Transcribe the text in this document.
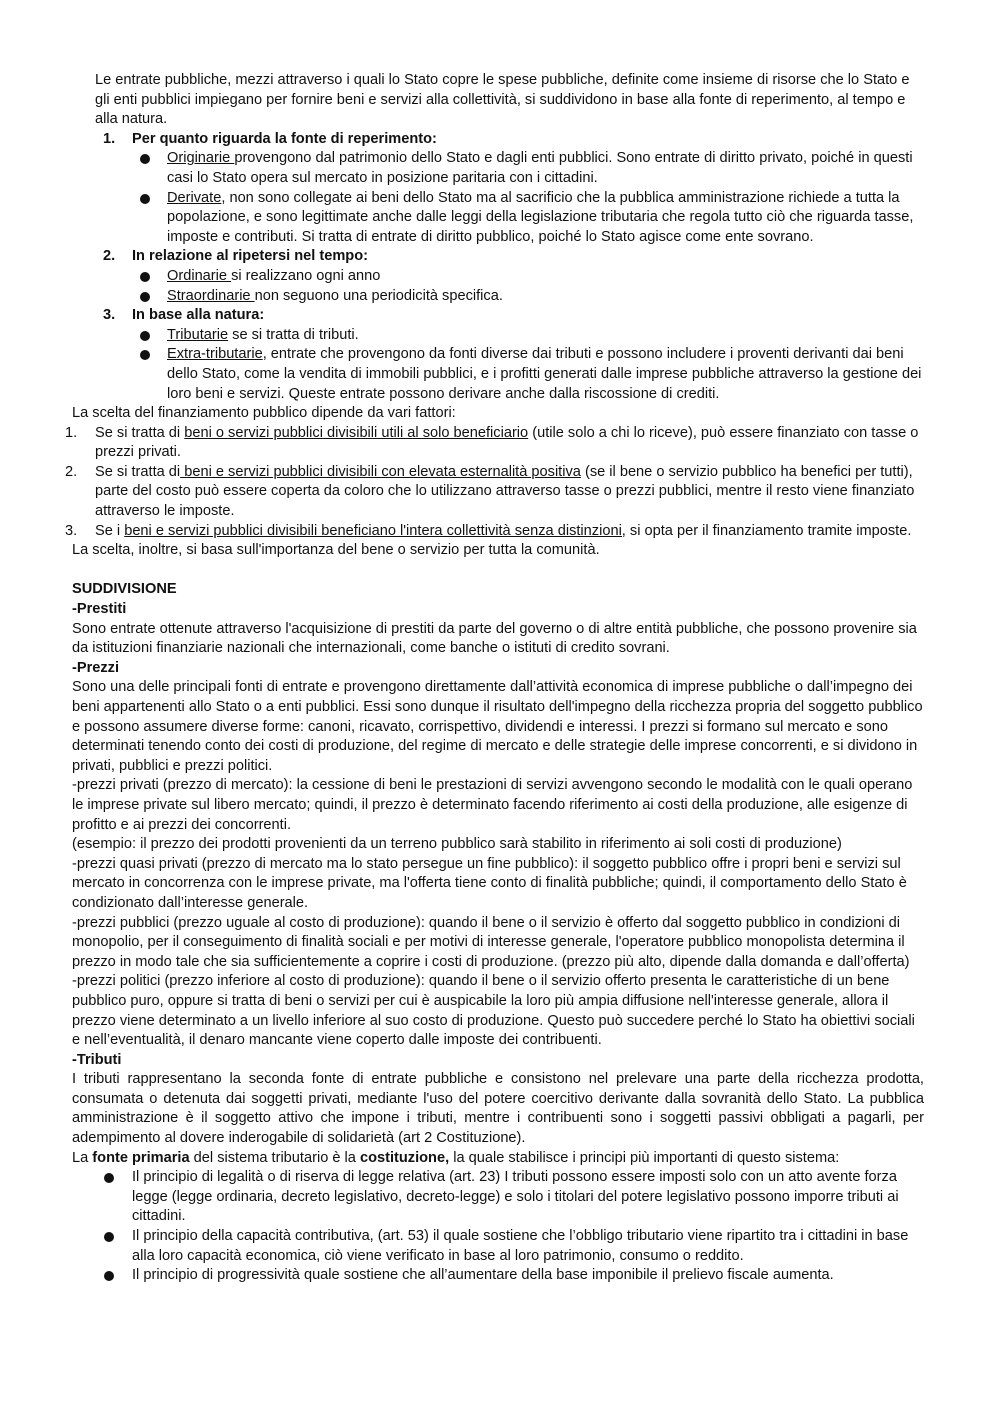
Le entrate pubbliche, mezzi attraverso i quali lo Stato copre le spese pubbliche, definite come insieme di risorse che lo Stato e gli enti pubblici impiegano per fornire beni e servizi alla collettività, si suddividono in base alla fonte di reperimento, al tempo e alla natura.

1. Per quanto riguarda la fonte di reperimento:
Originarie provengono dal patrimonio dello Stato e dagli enti pubblici. Sono entrate di diritto privato, poiché in questi casi lo Stato opera sul mercato in posizione paritaria con i cittadini.
Derivate, non sono collegate ai beni dello Stato ma al sacrificio che la pubblica amministrazione richiede a tutta la popolazione, e sono legittimate anche dalle leggi della legislazione tributaria che regola tutto ciò che riguarda tasse, imposte e contributi. Si tratta di entrate di diritto pubblico, poiché lo Stato agisce come ente sovrano.
2. In relazione al ripetersi nel tempo:
Ordinarie si realizzano ogni anno
Straordinarie non seguono una periodicità specifica.
3. In base alla natura:
Tributarie se si tratta di tributi.
Extra-tributarie, entrate che provengono da fonti diverse dai tributi e possono includere i proventi derivanti dai beni dello Stato, come la vendita di immobili pubblici, e i profitti generati dalle imprese pubbliche attraverso la gestione dei loro beni e servizi. Queste entrate possono derivare anche dalla riscossione di crediti.

La scelta del finanziamento pubblico dipende da vari fattori:

1. Se si tratta di beni o servizi pubblici divisibili utili al solo beneficiario (utile solo a chi lo riceve), può essere finanziato con tasse o prezzi privati.
2. Se si tratta di beni e servizi pubblici divisibili con elevata esternalità positiva (se il bene o servizio pubblico ha benefici per tutti), parte del costo può essere coperta da coloro che lo utilizzano attraverso tasse o prezzi pubblici, mentre il resto viene finanziato attraverso le imposte.
3. Se i beni e servizi pubblici divisibili beneficiano l'intera collettività senza distinzioni, si opta per il finanziamento tramite imposte.

La scelta, inoltre, si basa sull'importanza del bene o servizio per tutta la comunità.

SUDDIVISIONE

-Prestiti

Sono entrate ottenute attraverso l'acquisizione di prestiti da parte del governo o di altre entità pubbliche, che possono provenire sia da istituzioni finanziarie nazionali che internazionali, come banche o istituti di credito sovrani.

-Prezzi

Sono una delle principali fonti di entrate e provengono direttamente dall’attività economica di imprese pubbliche o dall’impegno dei beni appartenenti allo Stato o a enti pubblici. Essi sono dunque il risultato dell'impegno della ricchezza propria del soggetto pubblico e possono assumere diverse forme: canoni, ricavato, corrispettivo, dividendi e interessi. I prezzi si formano sul mercato e sono determinati tenendo conto dei costi di produzione, del regime di mercato e delle strategie delle imprese concorrenti, e si dividono in privati, pubblici e prezzi politici.

-prezzi privati (prezzo di mercato): la cessione di beni le prestazioni di servizi avvengono secondo le modalità con le quali operano le imprese private sul libero mercato; quindi, il prezzo è determinato facendo riferimento ai costi della produzione, alle esigenze di profitto e ai prezzi dei concorrenti.

(esempio: il prezzo dei prodotti provenienti da un terreno pubblico sarà stabilito in riferimento ai soli costi di produzione)

-prezzi quasi privati (prezzo di mercato ma lo stato persegue un fine pubblico): il soggetto pubblico offre i propri beni e servizi sul mercato in concorrenza con le imprese private, ma l'offerta tiene conto di finalità pubbliche; quindi, il comportamento dello Stato è condizionato dall’interesse generale.

-prezzi pubblici (prezzo uguale al costo di produzione): quando il bene o il servizio è offerto dal soggetto pubblico in condizioni di monopolio, per il conseguimento di finalità sociali e per motivi di interesse generale, l'operatore pubblico monopolista determina il prezzo in modo tale che sia sufficientemente a coprire i costi di produzione. (prezzo più alto, dipende dalla domanda e dall’offerta)

-prezzi politici (prezzo inferiore al costo di produzione): quando il bene o il servizio offerto presenta le caratteristiche di un bene pubblico puro, oppure si tratta di beni o servizi per cui è auspicabile la loro più ampia diffusione nell'interesse generale, allora il prezzo viene determinato a un livello inferiore al suo costo di produzione. Questo può succedere perché lo Stato ha obiettivi sociali e nell’eventualità, il denaro mancante viene coperto dalle imposte dei contribuenti.

-Tributi

I tributi rappresentano la seconda fonte di entrate pubbliche e consistono nel prelevare una parte della ricchezza prodotta, consumata o detenuta dai soggetti privati, mediante l'uso del potere coercitivo derivante dalla sovranità dello Stato. La pubblica amministrazione è il soggetto attivo che impone i tributi, mentre i contribuenti sono i soggetti passivi obbligati a pagarli, per adempimento al dovere inderogabile di solidarietà (art 2 Costituzione).

La fonte primaria del sistema tributario è la costituzione, la quale stabilisce i principi più importanti di questo sistema:

Il principio di legalità o di riserva di legge relativa (art. 23) I tributi possono essere imposti solo con un atto avente forza legge (legge ordinaria, decreto legislativo, decreto-legge) e solo i titolari del potere legislativo possono imporre tributi ai cittadini.
Il principio della capacità contributiva, (art. 53) il quale sostiene che l’obbligo tributario viene ripartito tra i cittadini in base alla loro capacità economica, ciò viene verificato in base al loro patrimonio, consumo o reddito.
Il principio di progressività quale sostiene che all’aumentare della base imponibile il prelievo fiscale aumenta.
